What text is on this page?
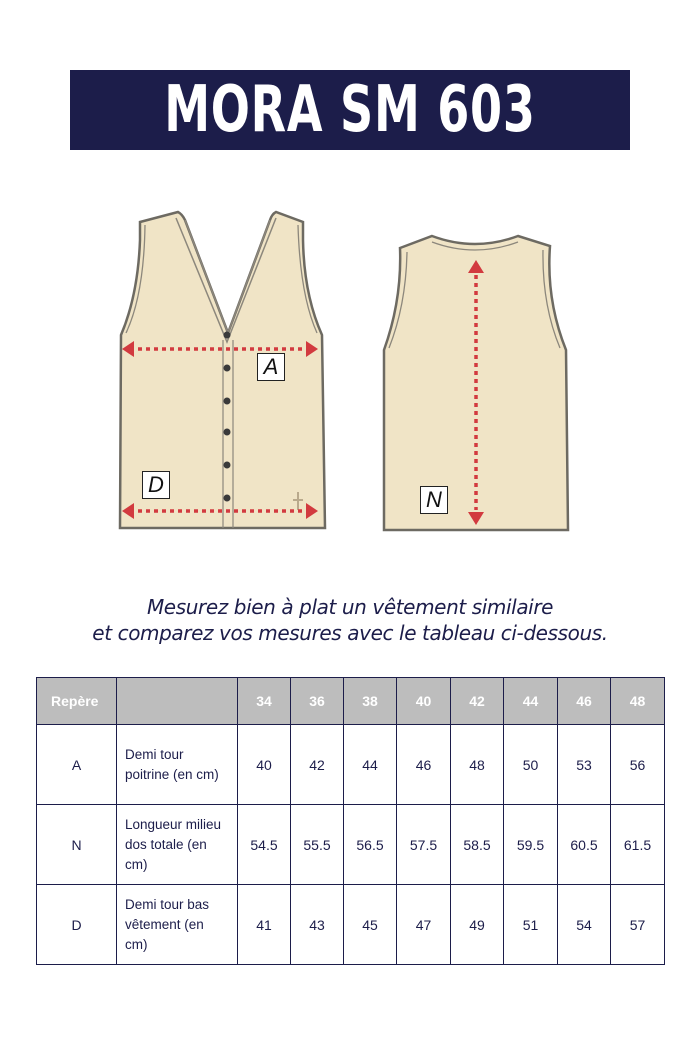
MORA SM 603
A
D
N
Mesurez bien à plat un vêtement similaire
et comparez vos mesures avec le tableau ci-dessous.
Repère		34	36	38	40	42	44	46	48
A	Demi tour poitrine (en cm)	40	42	44	46	48	50	53	56
N	Longueur milieu dos totale (en cm)	54.5	55.5	56.5	57.5	58.5	59.5	60.5	61.5
D	Demi tour bas vêtement (en cm)	41	43	45	47	49	51	54	57
